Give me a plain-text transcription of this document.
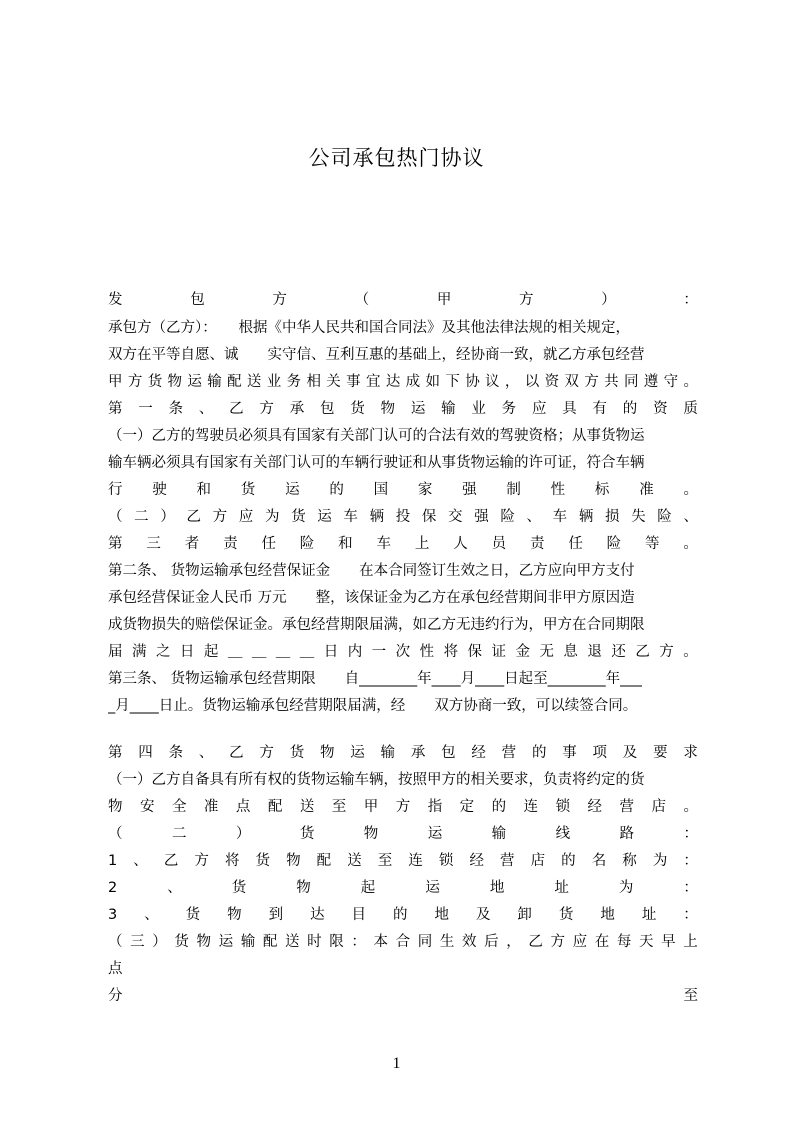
公司承包热门协议
发	包	方	（	甲	方	）	：
承包方（乙方）：　　根据《中华人民共和国合同法》及其他法律法规的相关规定，
双方在平等自愿、诚　　实守信、互利互惠的基础上，经协商一致，就乙方承包经营
甲 方 货 物 运 输 配 送 业 务 相 关 事 宜 达 成 如 下 协 议 ， 以 资 双 方 共 同 遵 守 。
第 一 条 、 乙 方 承 包 货 物 运 输 业 务 应 具 有 的 资 质
（一）乙方的驾驶员必须具有国家有关部门认可的合法有效的驾驶资格；从事货物运
输车辆必须具有国家有关部门认可的车辆行驶证和从事货物运输的许可证，符合车辆
行 驶 和 货 运 的 国 家 强 制 性 标 准 。
（ 二 ） 乙 方 应 为 货 运 车 辆 投 保 交 强 险 、 车 辆 损 失 险 、
第 三 者 责 任 险 和 车 上 人 员 责 任 险 等 。
第二条、 货物运输承包经营保证金　　在本合同签订生效之日，乙方应向甲方支付
承包经营保证金人民币 万元　　整，该保证金为乙方在承包经营期间非甲方原因造
成货物损失的赔偿保证金。承包经营期限届满，如乙方无违约行为，甲方在合同期限
届 满 之 日 起 ＿ ＿ ＿ ＿ 日 内 一 次 性 将 保 证 金 无 息 退 还 乙 方 。
第三条、 货物运输承包经营期限　　自________年____月____日起至________年___
_月____日止。货物运输承包经营期限届满，经　　双方协商一致，可以续签合同。
第 四 条 、 乙 方 货 物 运 输 承 包 经 营 的 事 项 及 要 求
（一）乙方自备具有所有权的货物运输车辆，按照甲方的相关要求，负责将约定的货
物 安 全 准 点 配 送 至 甲 方 指 定 的 连 锁 经 营 店 。
（	二	）	货	物	运	输	线	路	：
1 、 乙 方 将 货 物 配 送 至 连 锁 经 营 店 的 名 称 为 ：
2	、	货	物	起	运	地	址	为	：
3 、 货 物 到 达 目 的 地 及 卸 货 地 址 ：
（ 三 ） 货 物 运 输 配 送 时 限 ： 本 合 同 生 效 后 ， 乙 方 应 在 每 天 早 上
点
分	至
1
